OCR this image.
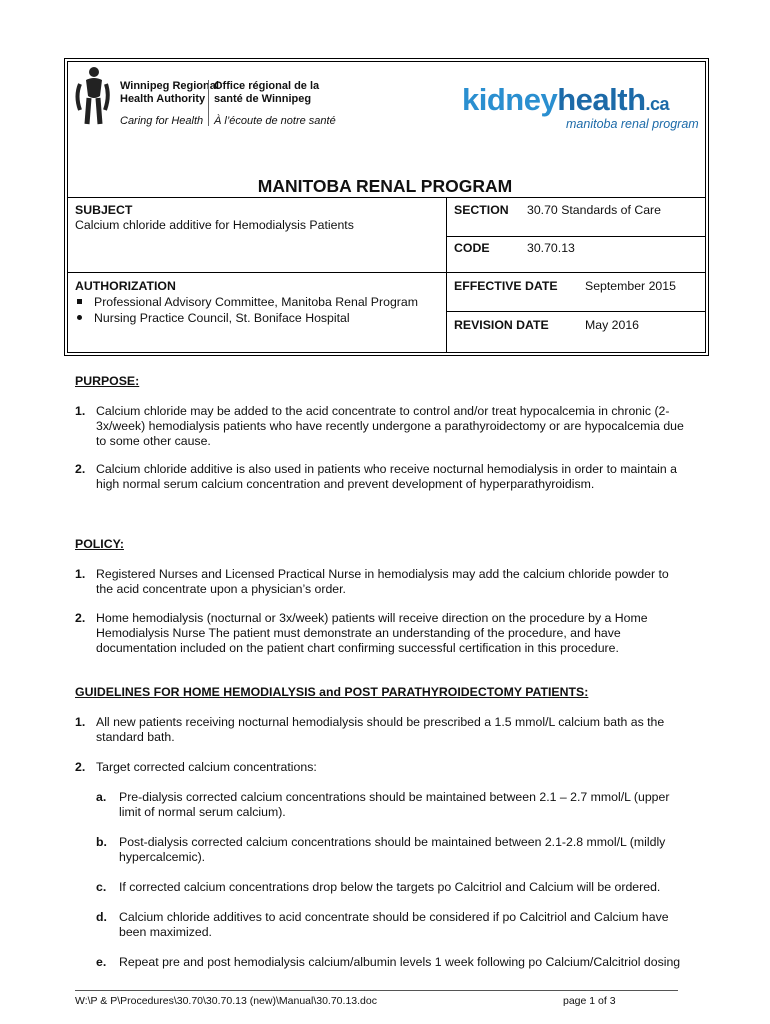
Winnipeg Regional
Health Authority
Caring for Health
Office régional de la
santé de Winnipeg
À l’écoute de notre santé
kidneyhealth.ca
manitoba renal program
MANITOBA RENAL PROGRAM
SUBJECT
Calcium chloride additive for Hemodialysis Patients
SECTION 30.70 Standards of Care
CODE	30.70.13
AUTHORIZATION
Professional Advisory Committee, Manitoba Renal Program
Nursing Practice Council, St. Boniface Hospital
EFFECTIVE DATE September 2015
REVISION DATE	May 2016
PURPOSE:
1. Calcium chloride may be added to the acid concentrate to control and/or treat hypocalcemia in chronic (2-
3x/week) hemodialysis patients who have recently undergone a parathyroidectomy or are hypocalcemia due
to some other cause.
2. Calcium chloride additive is also used in patients who receive nocturnal hemodialysis in order to maintain a
high normal serum calcium concentration and prevent development of hyperparathyroidism.
POLICY:
1. Registered Nurses and Licensed Practical Nurse in hemodialysis may add the calcium chloride powder to
the acid concentrate upon a physician’s order.
2. Home hemodialysis (nocturnal or 3x/week) patients will receive direction on the procedure by a Home
Hemodialysis Nurse The patient must demonstrate an understanding of the procedure, and have
documentation included on the patient chart confirming successful certification in this procedure.
GUIDELINES FOR HOME HEMODIALYSIS and POST PARATHYROIDECTOMY PATIENTS:
1. All new patients receiving nocturnal hemodialysis should be prescribed a 1.5 mmol/L calcium bath as the
standard bath.
2. Target corrected calcium concentrations:
a. Pre-dialysis corrected calcium concentrations should be maintained between 2.1 – 2.7 mmol/L (upper
limit of normal serum calcium).
b. Post-dialysis corrected calcium concentrations should be maintained between 2.1-2.8 mmol/L (mildly
hypercalcemic).
c. If corrected calcium concentrations drop below the targets po Calcitriol and Calcium will be ordered.
d. Calcium chloride additives to acid concentrate should be considered if po Calcitriol and Calcium have
been maximized.
e. Repeat pre and post hemodialysis calcium/albumin levels 1 week following po Calcium/Calcitriol dosing
W:\P & P\Procedures\30.70\30.70.13 (new)\Manual\30.70.13.doc	page 1 of 3
